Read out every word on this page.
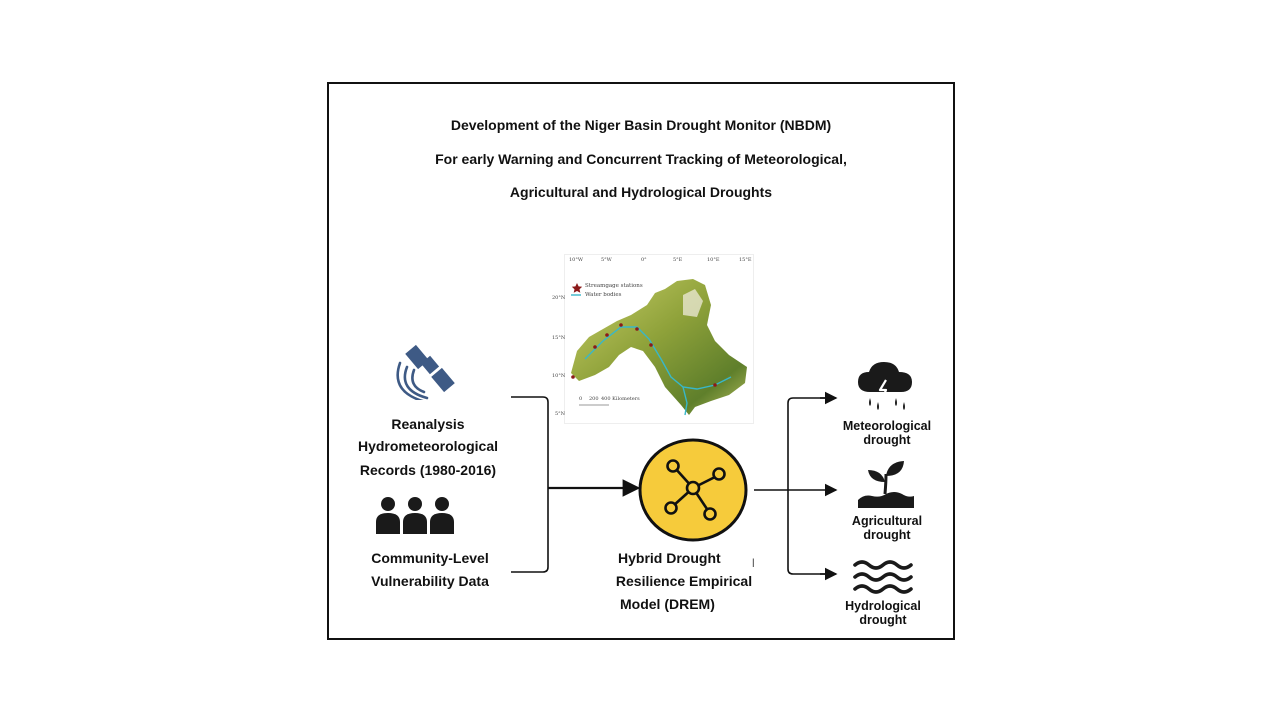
Development of the Niger Basin Drought Monitor (NBDM)
For early Warning and Concurrent Tracking of Meteorological,
Agricultural and Hydrological Droughts
Reanalysis
Hydrometeorological
Records (1980-2016)
Community-Level
Vulnerability Data
10°W	5°W	0°	5°E	10°E	15°E
20°N
15°N
10°N
5°N
Streamgage stations
Water bodies
0 200 400 Kilometers
Hybrid Drought
Resilience Empirical
Model (DREM)
l
Meteorological
drought
Agricultural
drought
Hydrological
drought
